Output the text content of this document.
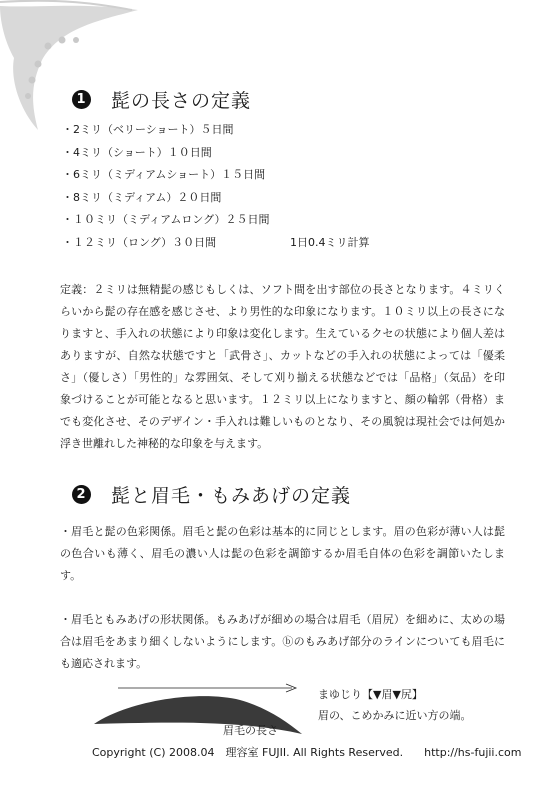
1 髭の長さの定義
・2ミリ（ベリーショート）５日間
・4ミリ（ショート）１０日間
・6ミリ（ミディアムショート）１５日間
・8ミリ（ミディアム）２０日間
・１０ミリ（ミディアムロング）２５日間
・１２ミリ（ロング）３０日間	1日0.4ミリ計算

定義：２ミリは無精髭の感じもしくは、ソフト間を出す部位の長さとなります。４ミリくらいから髭の存在感を感じさせ、より男性的な印象になります。１０ミリ以上の長さになりますと、手入れの状態により印象は変化します。生えているクセの状態により個人差はありますが、自然な状態ですと「武骨さ」、カットなどの手入れの状態によっては「優柔さ」（優しさ）「男性的」な雰囲気、そして刈り揃える状態などでは「品格」（気品）を印象づけることが可能となると思います。１２ミリ以上になりますと、顔の輪郭（骨格）までも変化させ、そのデザイン・手入れは難しいものとなり、その風貌は現社会では何処か浮き世離れした神秘的な印象を与えます。

2 髭と眉毛・もみあげの定義

・眉毛と髭の色彩関係。眉毛と髭の色彩は基本的に同じとします。眉の色彩が薄い人は髭の色合いも薄く、眉毛の濃い人は髭の色彩を調節するか眉毛自体の色彩を調節いたします。

・眉毛ともみあげの形状関係。もみあげが細めの場合は眉毛（眉尻）を細めに、太めの場合は眉毛をあまり細くしないようにします。ⓑのもみあげ部分のラインについても眉毛にも適応されます。

眉毛の長さ
まゆじり【▼眉▼尻】
眉の、こめかみに近い方の端。
Copyright (C) 2008.04　理容室 FUJII. All Rights Reserved. http://hs-fujii.com
